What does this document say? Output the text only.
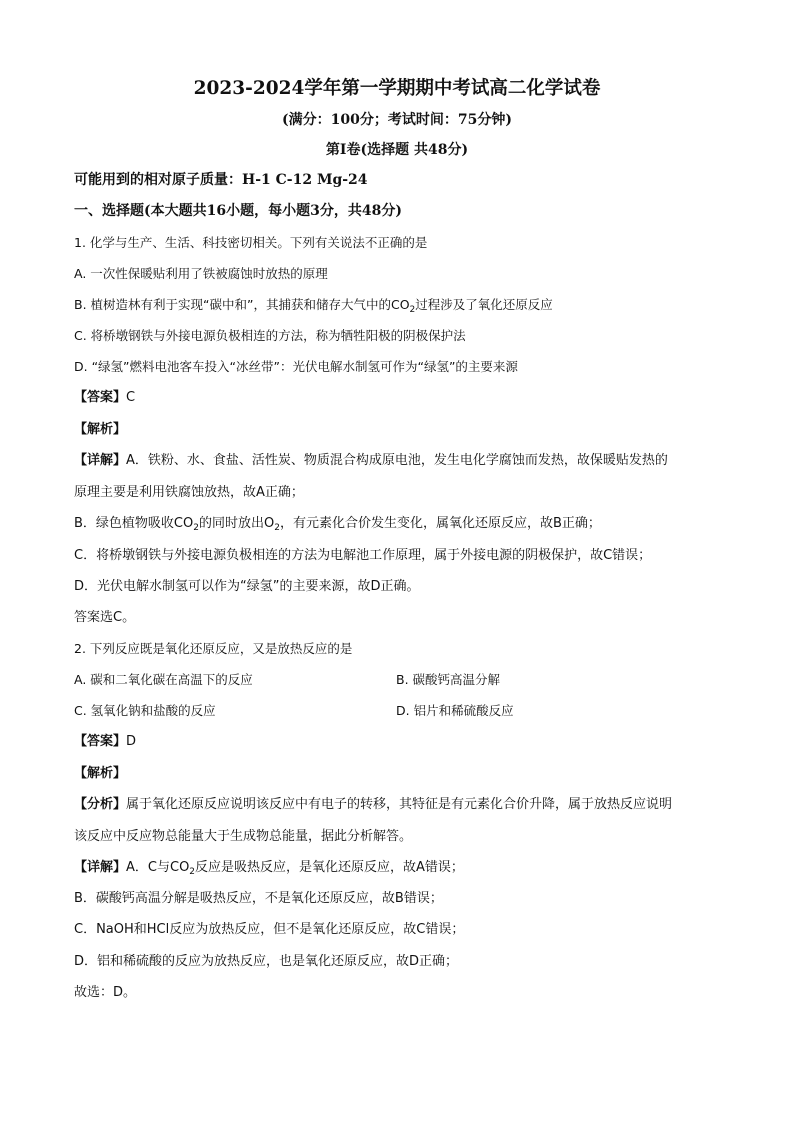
2023-2024学年第一学期期中考试高二化学试卷
(满分：100分；考试时间：75分钟)
第I卷(选择题 共48分)
可能用到的相对原子质量：H-1 C-12 Mg-24
一、选择题(本大题共16小题，每小题3分，共48分)
1. 化学与生产、生活、科技密切相关。下列有关说法不正确的是
A. 一次性保暖贴利用了铁被腐蚀时放热的原理
B. 植树造林有利于实现“碳中和”，其捕获和储存大气中的$CO_2$过程涉及了氧化还原反应
C. 将桥墩钢铁与外接电源负极相连的方法，称为牺牲阳极的阴极保护法
D. “绿氢”燃料电池客车投入“冰丝带”：光伏电解水制氢可作为“绿氢”的主要来源
【答案】C
【解析】
【详解】A．铁粉、水、食盐、活性炭、物质混合构成原电池，发生电化学腐蚀而发热，故保暖贴发热的
原理主要是利用铁腐蚀放热，故A正确；
B．绿色植物吸收$CO_2$的同时放出$O_2$，有元素化合价发生变化，属氧化还原反应，故B正确；
C．将桥墩钢铁与外接电源负极相连的方法为电解池工作原理，属于外接电源的阴极保护，故C错误；
D．光伏电解水制氢可以作为“绿氢”的主要来源，故D正确。
答案选C。
2. 下列反应既是氧化还原反应，又是放热反应的是
A. 碳和二氧化碳在高温下的反应	B. 碳酸钙高温分解
C. 氢氧化钠和盐酸的反应	D. 铝片和稀硫酸反应
【答案】D
【解析】
【分析】属于氧化还原反应说明该反应中有电子的转移，其特征是有元素化合价升降，属于放热反应说明
该反应中反应物总能量大于生成物总能量，据此分析解答。
【详解】A．C与$CO_2$反应是吸热反应，是氧化还原反应，故A错误；
B．碳酸钙高温分解是吸热反应，不是氧化还原反应，故B错误；
C．NaOH和HCl反应为放热反应，但不是氧化还原反应，故C错误；
D．铝和稀硫酸的反应为放热反应，也是氧化还原反应，故D正确；
故选：D。
